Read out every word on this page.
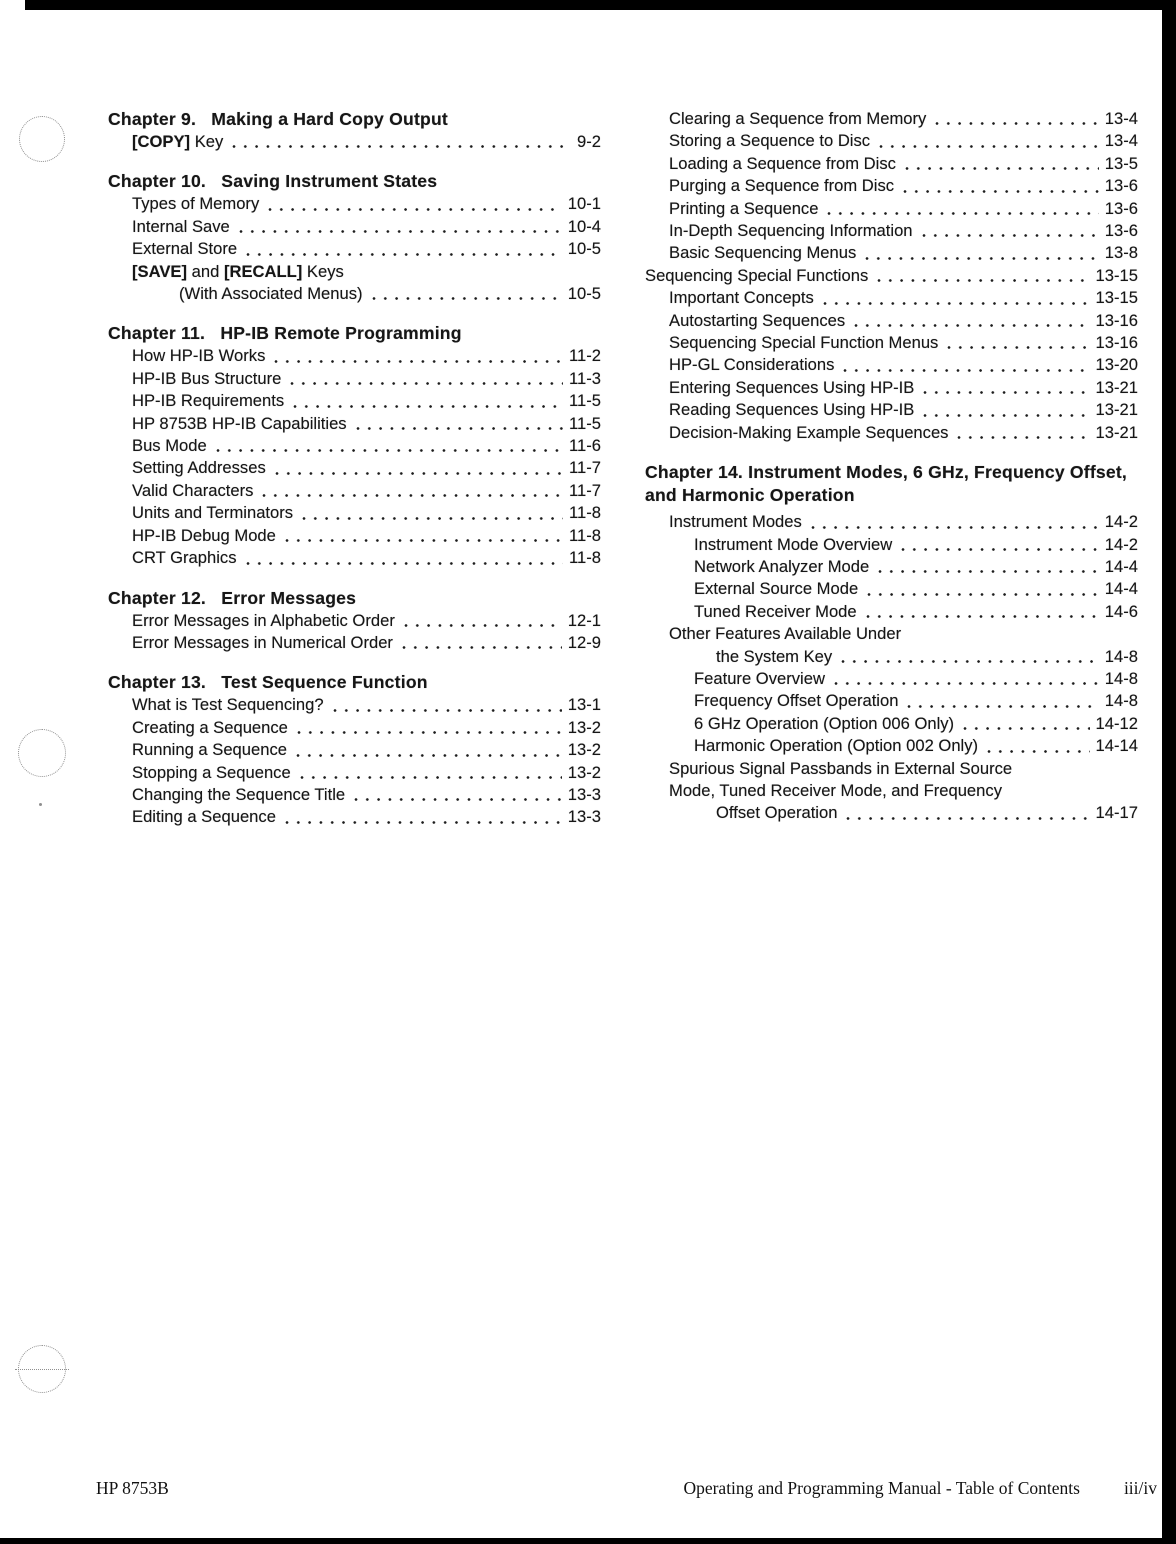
Chapter 9.   Making a Hard Copy Output
[COPY] Key	9-2
Chapter 10.   Saving Instrument States
Types of Memory	10-1
Internal Save	10-4
External Store	10-5
[SAVE] and [RECALL] Keys
(With Associated Menus)	10-5
Chapter 11.   HP-IB Remote Programming
How HP-IB Works	11-2
HP-IB Bus Structure	11-3
HP-IB Requirements	11-5
HP 8753B HP-IB Capabilities	11-5
Bus Mode	11-6
Setting Addresses	11-7
Valid Characters	11-7
Units and Terminators	11-8
HP-IB Debug Mode	11-8
CRT Graphics	11-8
Chapter 12.   Error Messages
Error Messages in Alphabetic Order	12-1
Error Messages in Numerical Order	12-9
Chapter 13.   Test Sequence Function
What is Test Sequencing?	13-1
Creating a Sequence	13-2
Running a Sequence	13-2
Stopping a Sequence	13-2
Changing the Sequence Title	13-3
Editing a Sequence	13-3
Clearing a Sequence from Memory	13-4
Storing a Sequence to Disc	13-4
Loading a Sequence from Disc	13-5
Purging a Sequence from Disc	13-6
Printing a Sequence	13-6
In-Depth Sequencing Information	13-6
Basic Sequencing Menus	13-8
Sequencing Special Functions	13-15
Important Concepts	13-15
Autostarting Sequences	13-16
Sequencing Special Function Menus	13-16
HP-GL Considerations	13-20
Entering Sequences Using HP-IB	13-21
Reading Sequences Using HP-IB	13-21
Decision-Making Example Sequences	13-21
Chapter 14. Instrument Modes, 6 GHz, Frequency Offset, and Harmonic Operation
Instrument Modes	14-2
Instrument Mode Overview	14-2
Network Analyzer Mode	14-4
External Source Mode	14-4
Tuned Receiver Mode	14-6
Other Features Available Under
the System Key	14-8
Feature Overview	14-8
Frequency Offset Operation	14-8
6 GHz Operation (Option 006 Only)	14-12
Harmonic Operation (Option 002 Only)	14-14
Spurious Signal Passbands in External Source
Mode, Tuned Receiver Mode, and Frequency
Offset Operation	14-17
HP 8753B	Operating and Programming Manual - Table of Contents	iii/iv
